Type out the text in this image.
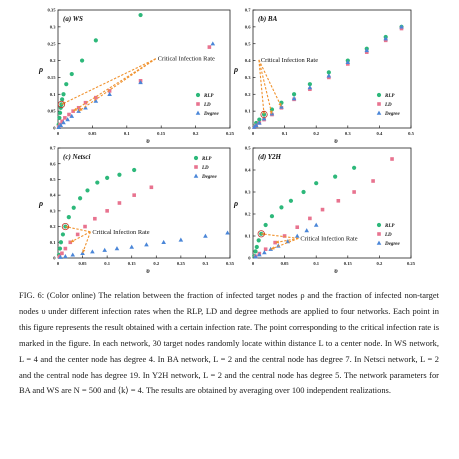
0	0.05	0.1	0.15	0.2	0.25
0
0.05
0.1
0.15
0.2
0.25
0.3
0.35
υ
ρ
(a) WS
Critical Infection Rate
RLP
LD
Degree
0	0.1	0.2	0.3	0.4	0.5
0
0.1
0.2
0.3
0.4
0.5
0.6
0.7
υ
ρ
(b) BA
Critical Infection Rate
RLP
LD
Degree
0	0.05	0.1	0.15	0.2	0.25	0.3	0.35
0
0.1
0.2
0.3
0.4
0.5
0.6
0.7
υ
ρ
(c) Netsci
Critical Infection Rate
RLP
LD
Degree
0	0.05	0.1	0.15	0.2	0.25
0
0.1
0.2
0.3
0.4
0.5
υ
ρ
(d) Y2H
Critical Infection Rate
RLP
LD
Degree
FIG. 6: (Color online) The relation between the fraction of infected target nodes ρ and the fraction of infected non-target nodes υ under different infection rates when the RLP, LD and degree methods are applied to four networks. Each point in this figure represents the result obtained with a certain infection rate. The point corresponding to the critical infection rate is marked in the figure. In each network, 30 target nodes randomly locate within distance L to a center node. In WS network, L = 4 and the center node has degree 4. In BA network, L = 2 and the central node has degree 7. In Netsci network, L = 2 and the central node has degree 19. In Y2H network, L = 2 and the central node has degree 5. The network parameters for BA and WS are N = 500 and ⟨k⟩ = 4. The results are obtained by averaging over 100 independent realizations.
